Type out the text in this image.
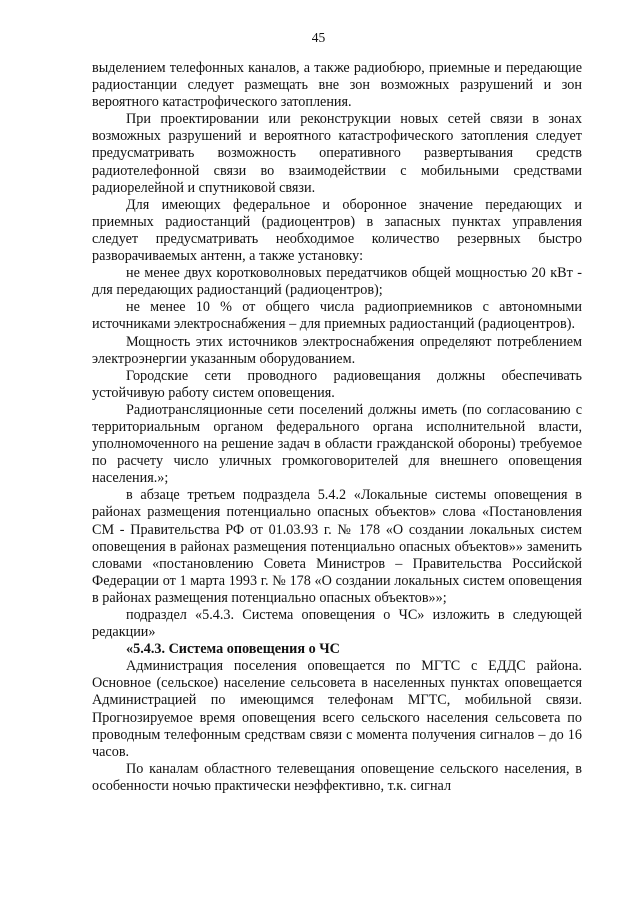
45

выделением телефонных каналов, а также радиобюро, приемные и передающие радиостанции следует размещать вне зон возможных разрушений и зон вероятного катастрофического затопления.

При проектировании или реконструкции новых сетей связи в зонах возможных разрушений и вероятного катастрофического затопления следует предусматривать возможность оперативного развертывания средств радиотелефонной связи во взаимодействии с мобильными средствами радиорелейной и спутниковой связи.

Для имеющих федеральное и оборонное значение передающих и приемных радиостанций (радиоцентров) в запасных пунктах управления следует предусматривать необходимое количество резервных быстро разворачиваемых антенн, а также установку:

не менее двух коротковолновых передатчиков общей мощностью 20 кВт - для передающих радиостанций (радиоцентров);

не менее 10 % от общего числа радиоприемников с автономными источниками электроснабжения – для приемных радиостанций (радиоцентров).

Мощность этих источников электроснабжения определяют потреблением электроэнергии указанным оборудованием.

Городские сети проводного радиовещания должны обеспечивать устойчивую работу систем оповещения.

Радиотрансляционные сети поселений должны иметь (по согласованию с территориальным органом федерального органа исполнительной власти, уполномоченного на решение задач в области гражданской обороны) требуемое по расчету число уличных громкоговорителей для внешнего оповещения населения.»;

в абзаце третьем подраздела 5.4.2 «Локальные системы оповещения в районах размещения потенциально опасных объектов» слова «Постановления СМ - Правительства РФ от 01.03.93 г. № 178 «О создании локальных систем оповещения в районах размещения потенциально опасных объектов»» заменить словами «постановлению Совета Министров – Правительства Российской Федерации от 1 марта 1993 г. № 178 «О создании локальных систем оповещения в районах размещения потенциально опасных объектов»»;

подраздел «5.4.3. Система оповещения о ЧС» изложить в следующей редакции»

«5.4.3. Система оповещения о ЧС

Администрация поселения оповещается по МГТС с ЕДДС района. Основное (сельское) население сельсовета в населенных пунктах оповещается Администрацией по имеющимся телефонам МГТС, мобильной связи. Прогнозируемое время оповещения всего сельского населения сельсовета по проводным телефонным средствам связи с момента получения сигналов – до 16 часов.

По каналам областного телевещания оповещение сельского населения, в особенности ночью практически неэффективно, т.к. сигнал
